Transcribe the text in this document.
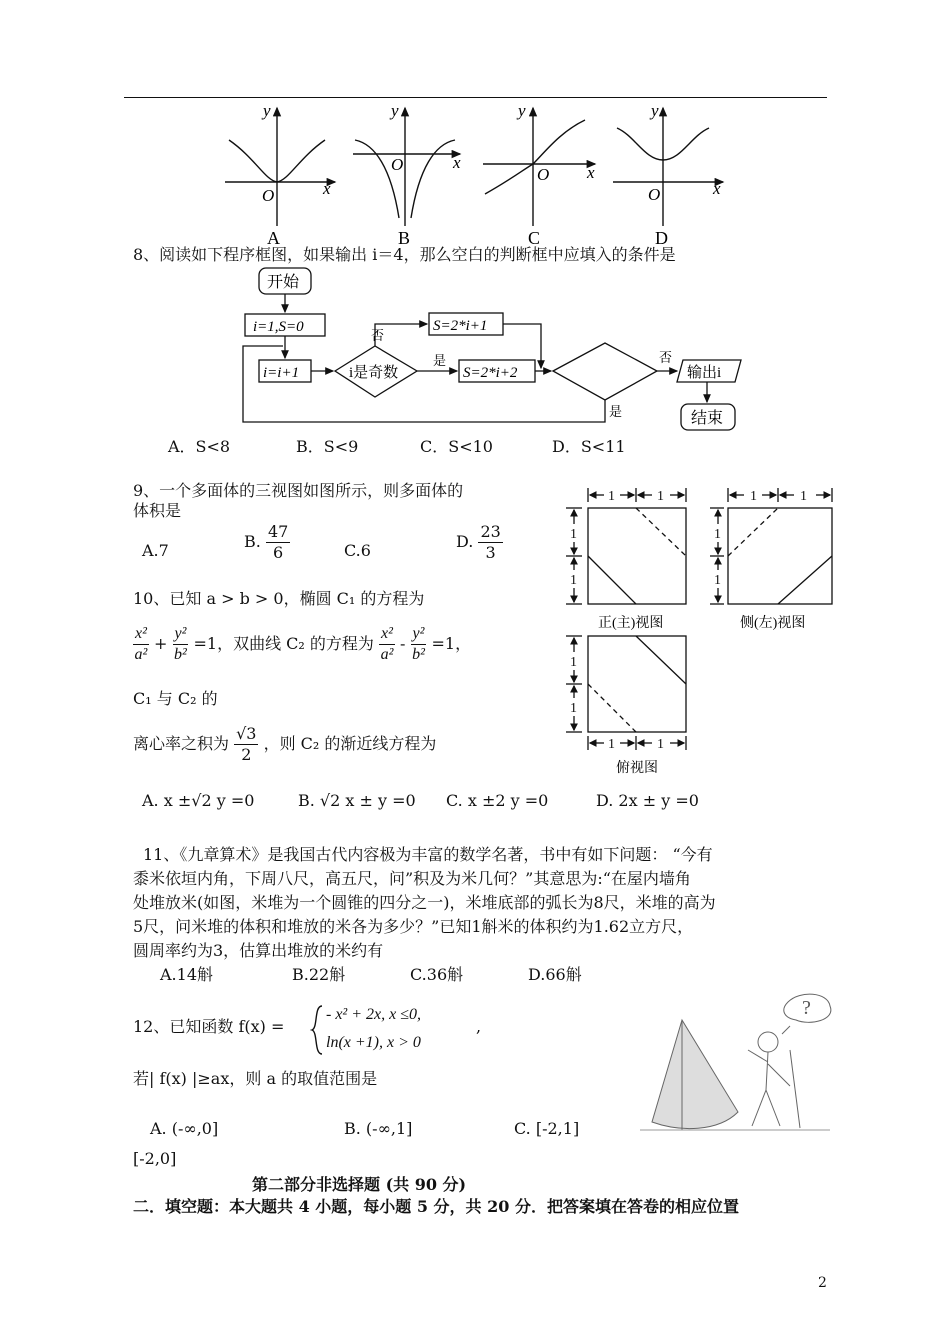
O	x
y
A
O	x
y
B
O x
y
C
O	x
y
D
8、阅读如下程序框图，如果输出 i＝4，那么空白的判断框中应填入的条件是
开始
i=1,S=0
i=i+1	i是奇数
否
是
S=2*i+1
S=2*i+2
否
是
输出i
结束
A．S<8	B．S<9	C．S<10	D．S<11
9、一个多面体的三视图如图所示，则多面体的
体积是
A.7	B. $\frac{47}{6}$	C.6	D. $\frac{23}{3}$
1	1	1	1
1
1
1
1
1
1
1	1
正(主)视图	侧(左)视图
俯视图
10、已知 a > b > 0，椭圆 C₁ 的方程为
$\frac{\text{x²}}{\text{a²}} + \frac{\text{y²}}{\text{b²}} =1$，双曲线 C₂ 的方程为 $\frac{\text{x²}}{\text{a²}} - \frac{\text{y²}}{\text{b²}} =1$，
C₁ 与 C₂ 的
离心率之积为 $\frac{√3}{2}$ ，则 C₂ 的渐近线方程为
A. x ±√2 y =0	B. √2 x ± y =0 C. x ±2 y =0	D. 2x ± y =0
11、《九章算术》是我国古代内容极为丰富的数学名著，书中有如下问题： “今有
黍米依垣内角，下周八尺，高五尺，问”积及为米几何？”其意思为:“在屋内墙角
处堆放米(如图，米堆为一个圆锥的四分之一)，米堆底部的弧长为8尺，米堆的高为
5尺，问米堆的体积和堆放的米各为多少？”已知1斛米的体积约为1.62立方尺，
圆周率约为3，估算出堆放的米约有
A.14斛	B.22斛	C.36斛	D.66斛
?
12、已知函数 f(x) =
- x² + 2x, x ≤0,
ln(x +1), x > 0
,
若| f(x) |≥ax，则 a 的取值范围是
A. (-∞,0]	B. (-∞,1]	C. [-2,1]
[-2,0]
第二部分非选择题 (共 90 分)
二．填空题：本大题共 4 小题，每小题 5 分，共 20 分．把答案填在答卷的相应位置
2
